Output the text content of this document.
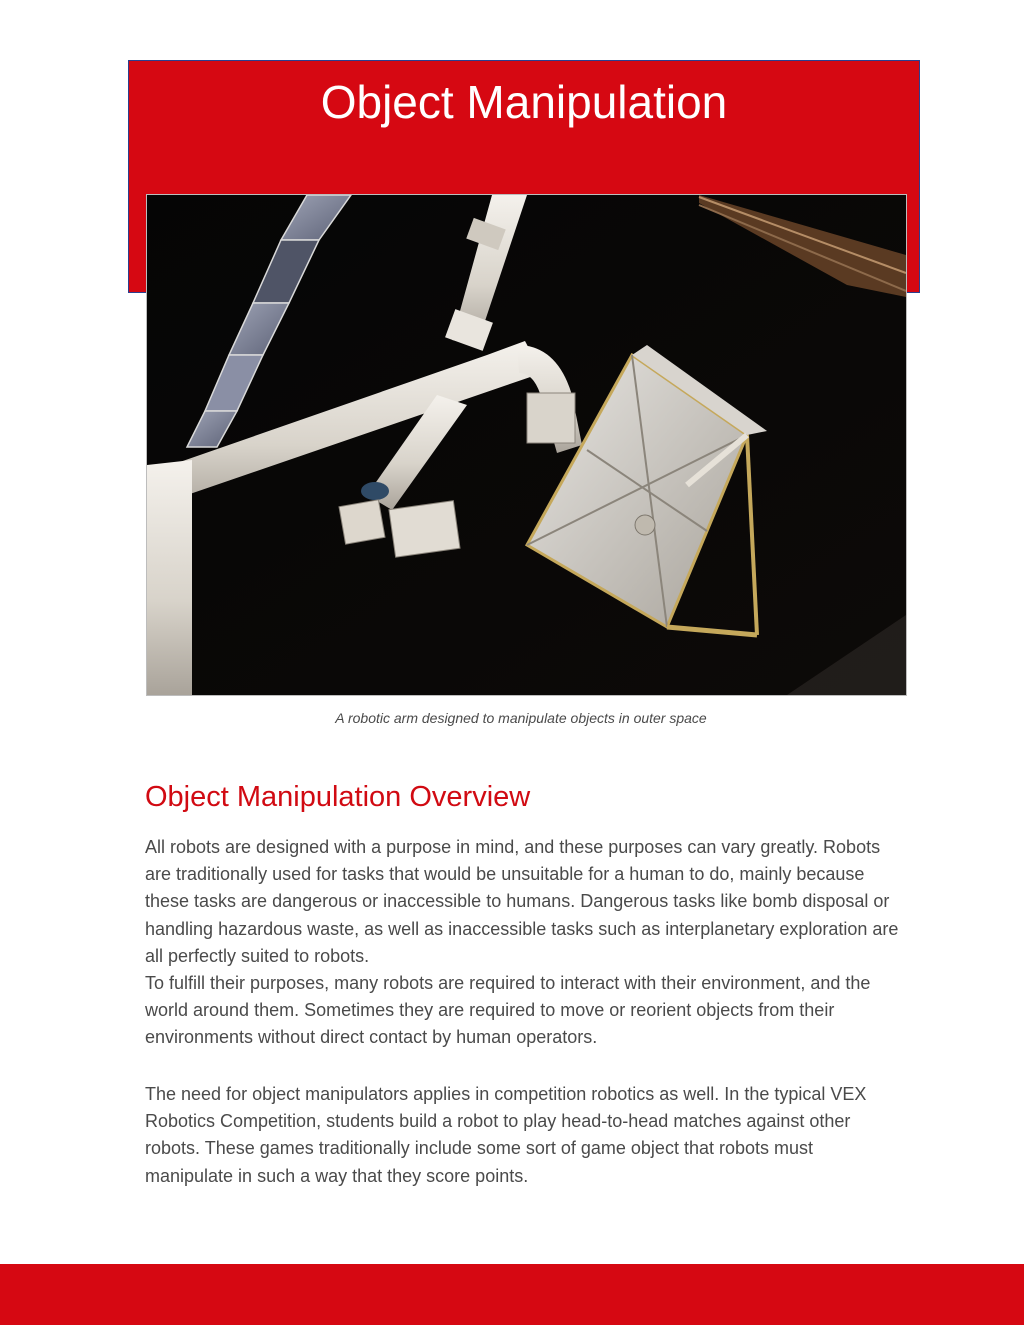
Object Manipulation
A robotic arm designed to manipulate objects in outer space
Object Manipulation Overview

All robots are designed with a purpose in mind, and these purposes can vary greatly. Robots are traditionally used for tasks that would be unsuitable for a human to do, mainly because these tasks are dangerous or inaccessible to humans. Dangerous tasks like bomb disposal or handling hazardous waste, as well as inaccessible tasks such as interplanetary exploration are all perfectly suited to robots.

To fulfill their purposes, many robots are required to interact with their environment, and the world around them. Sometimes they are required to move or reorient objects from their environments without direct contact by human operators.

The need for object manipulators applies in competition robotics as well. In the typical VEX Robotics Competition, students build a robot to play head-to-head matches against other robots. These games traditionally include some sort of game object that robots must manipulate in such a way that they score points.
